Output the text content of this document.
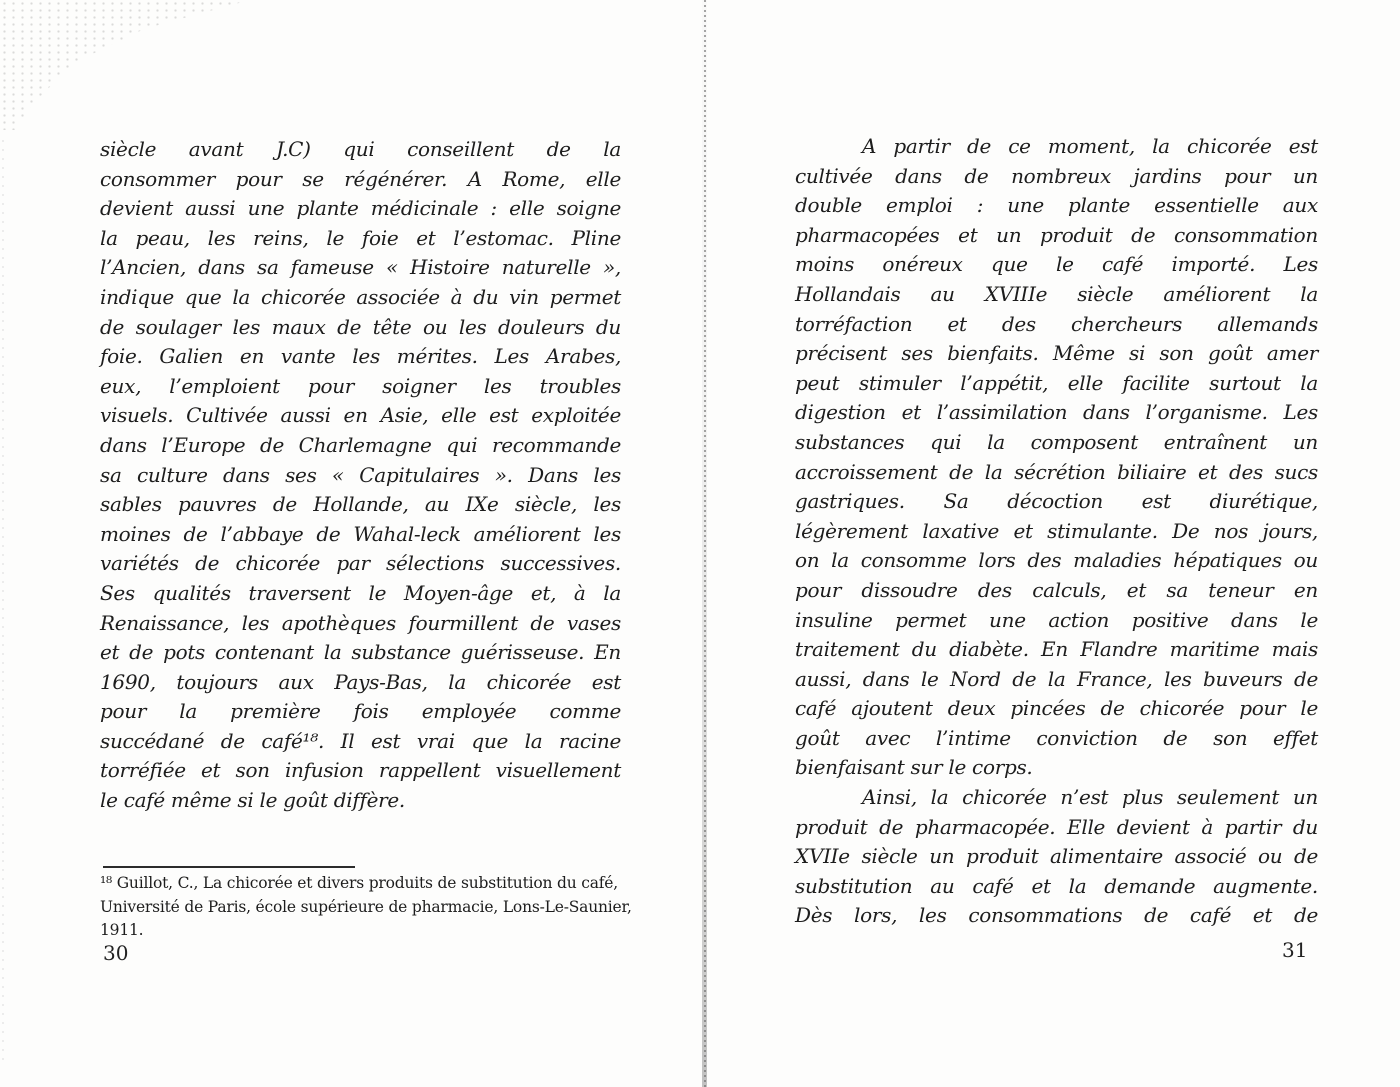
siècle avant J.C) qui conseillent de la
consommer pour se régénérer. A Rome, elle
devient aussi une plante médicinale : elle soigne
la peau, les reins, le foie et l’estomac. Pline
l’Ancien, dans sa fameuse « Histoire naturelle »,
indique que la chicorée associée à du vin permet
de soulager les maux de tête ou les douleurs du
foie. Galien en vante les mérites. Les Arabes,
eux, l’emploient pour soigner les troubles
visuels. Cultivée aussi en Asie, elle est exploitée
dans l’Europe de Charlemagne qui recommande
sa culture dans ses « Capitulaires ». Dans les
sables pauvres de Hollande, au IXe siècle, les
moines de l’abbaye de Wahal-leck améliorent les
variétés de chicorée par sélections successives.
Ses qualités traversent le Moyen-âge et, à la
Renaissance, les apothèques fourmillent de vases
et de pots contenant la substance guérisseuse. En
1690, toujours aux Pays-Bas, la chicorée est
pour la première fois employée comme
succédané de café¹⁸. Il est vrai que la racine
torréfiée et son infusion rappellent visuellement
le café même si le goût diffère.
¹⁸ Guillot, C., La chicorée et divers produits de substitution du café,
Université de Paris, école supérieure de pharmacie, Lons-Le-Saunier,
1911.
30
A partir de ce moment, la chicorée est
cultivée dans de nombreux jardins pour un
double emploi : une plante essentielle aux
pharmacopées et un produit de consommation
moins onéreux que le café importé. Les
Hollandais au XVIIIe siècle améliorent la
torréfaction et des chercheurs allemands
précisent ses bienfaits. Même si son goût amer
peut stimuler l’appétit, elle facilite surtout la
digestion et l’assimilation dans l’organisme. Les
substances qui la composent entraînent un
accroissement de la sécrétion biliaire et des sucs
gastriques. Sa décoction est diurétique,
légèrement laxative et stimulante. De nos jours,
on la consomme lors des maladies hépatiques ou
pour dissoudre des calculs, et sa teneur en
insuline permet une action positive dans le
traitement du diabète. En Flandre maritime mais
aussi, dans le Nord de la France, les buveurs de
café ajoutent deux pincées de chicorée pour le
goût avec l’intime conviction de son effet
bienfaisant sur le corps.
Ainsi, la chicorée n’est plus seulement un
produit de pharmacopée. Elle devient à partir du
XVIIe siècle un produit alimentaire associé ou de
substitution au café et la demande augmente.
Dès lors, les consommations de café et de
31
